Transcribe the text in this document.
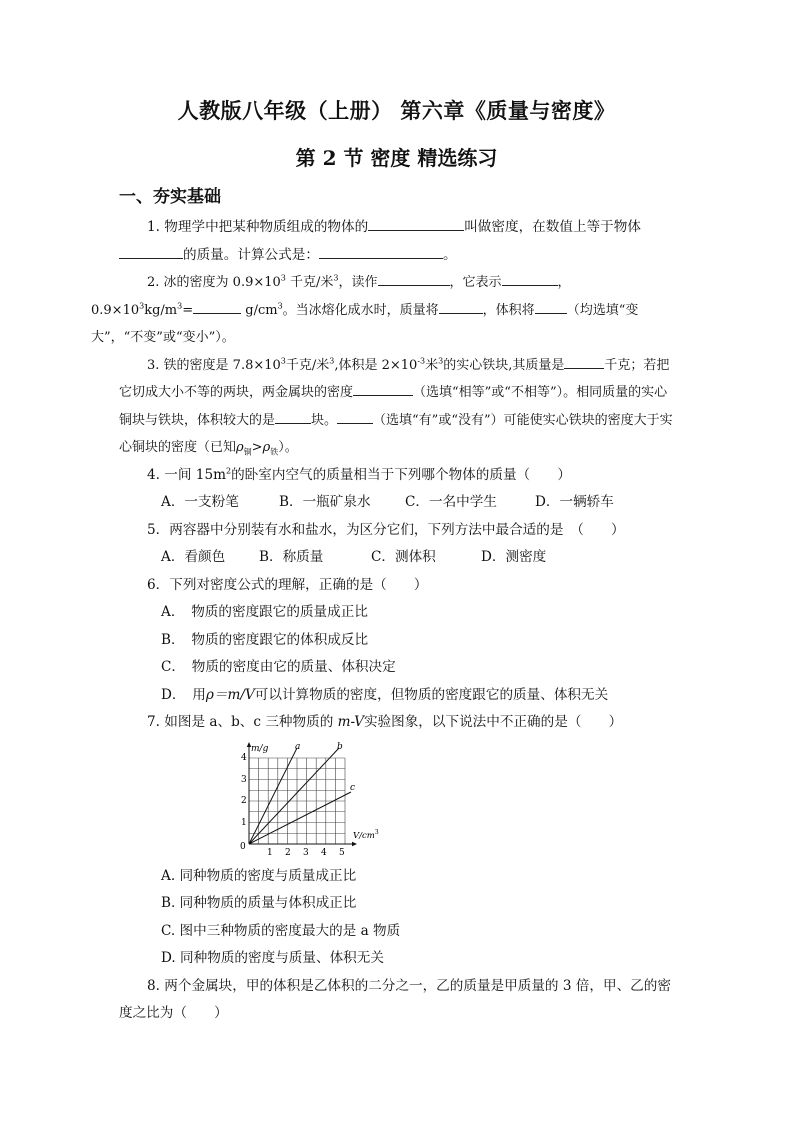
人教版八年级（上册） 第六章《质量与密度》
第 2 节 密度 精选练习
一、夯实基础

1. 物理学中把某种物质组成的物体的	叫做密度，在数值上等于物体
的质量。计算公式是：	。

2. 冰的密度为 $0.9\times 10^3$ 千克/米$^3$，读作	，它表示	，
$0.9\times 10^3kg/m^3=$	$g/cm^3$。当冰熔化成水时，质量将	，体积将 （均选填“变大”，“不变”或“变小”）。

3. 铁的密度是 $7.8\times 10^3$千克/米$^3$,体积是 $2\times 10^{-3}$米$^3$的实心铁块,其质量是	千克；若把它切成大小不等的两块，两金属块的密度	（选填“相等”或“不相等”）。相同质量的实心铜块与铁块，体积较大的是	块。	（选填“有”或“没有”）可能使实心铁块的密度大于实心铜块的密度（已知$\rho_铜>\rho_铁$）。

4. 一间 $15m^2$的卧室内空气的质量相当于下列哪个物体的质量（　　）

A．一支粉笔	B．一瓶矿泉水	C．一名中学生	D．一辆轿车

5．两容器中分别装有水和盐水，为区分它们，下列方法中最合适的是　（　　）

A．看颜色 B．称质量	C．测体积	D．测密度

6．下列对密度公式的理解，正确的是（　　）

A．　物质的密度跟它的质量成正比

B．　物质的密度跟它的体积成反比

C．　物质的密度由它的质量、体积决定

D．　用ρ＝m/V可以计算物质的密度，但物质的密度跟它的质量、体积无关

7. 如图是 a、b、c 三种物质的 m-V实验图象，以下说法中不正确的是（　　）

m/g
$V/cm^3$
0
1
2
3
4
1 2 3 4 5
a	b
c

A. 同种物质的密度与质量成正比

B. 同种物质的质量与体积成正比

C. 图中三种物质的密度最大的是 a 物质

D. 同种物质的密度与质量、体积无关

8. 两个金属块，甲的体积是乙体积的二分之一，乙的质量是甲质量的 3 倍，甲、乙的密度之比为（　　）
